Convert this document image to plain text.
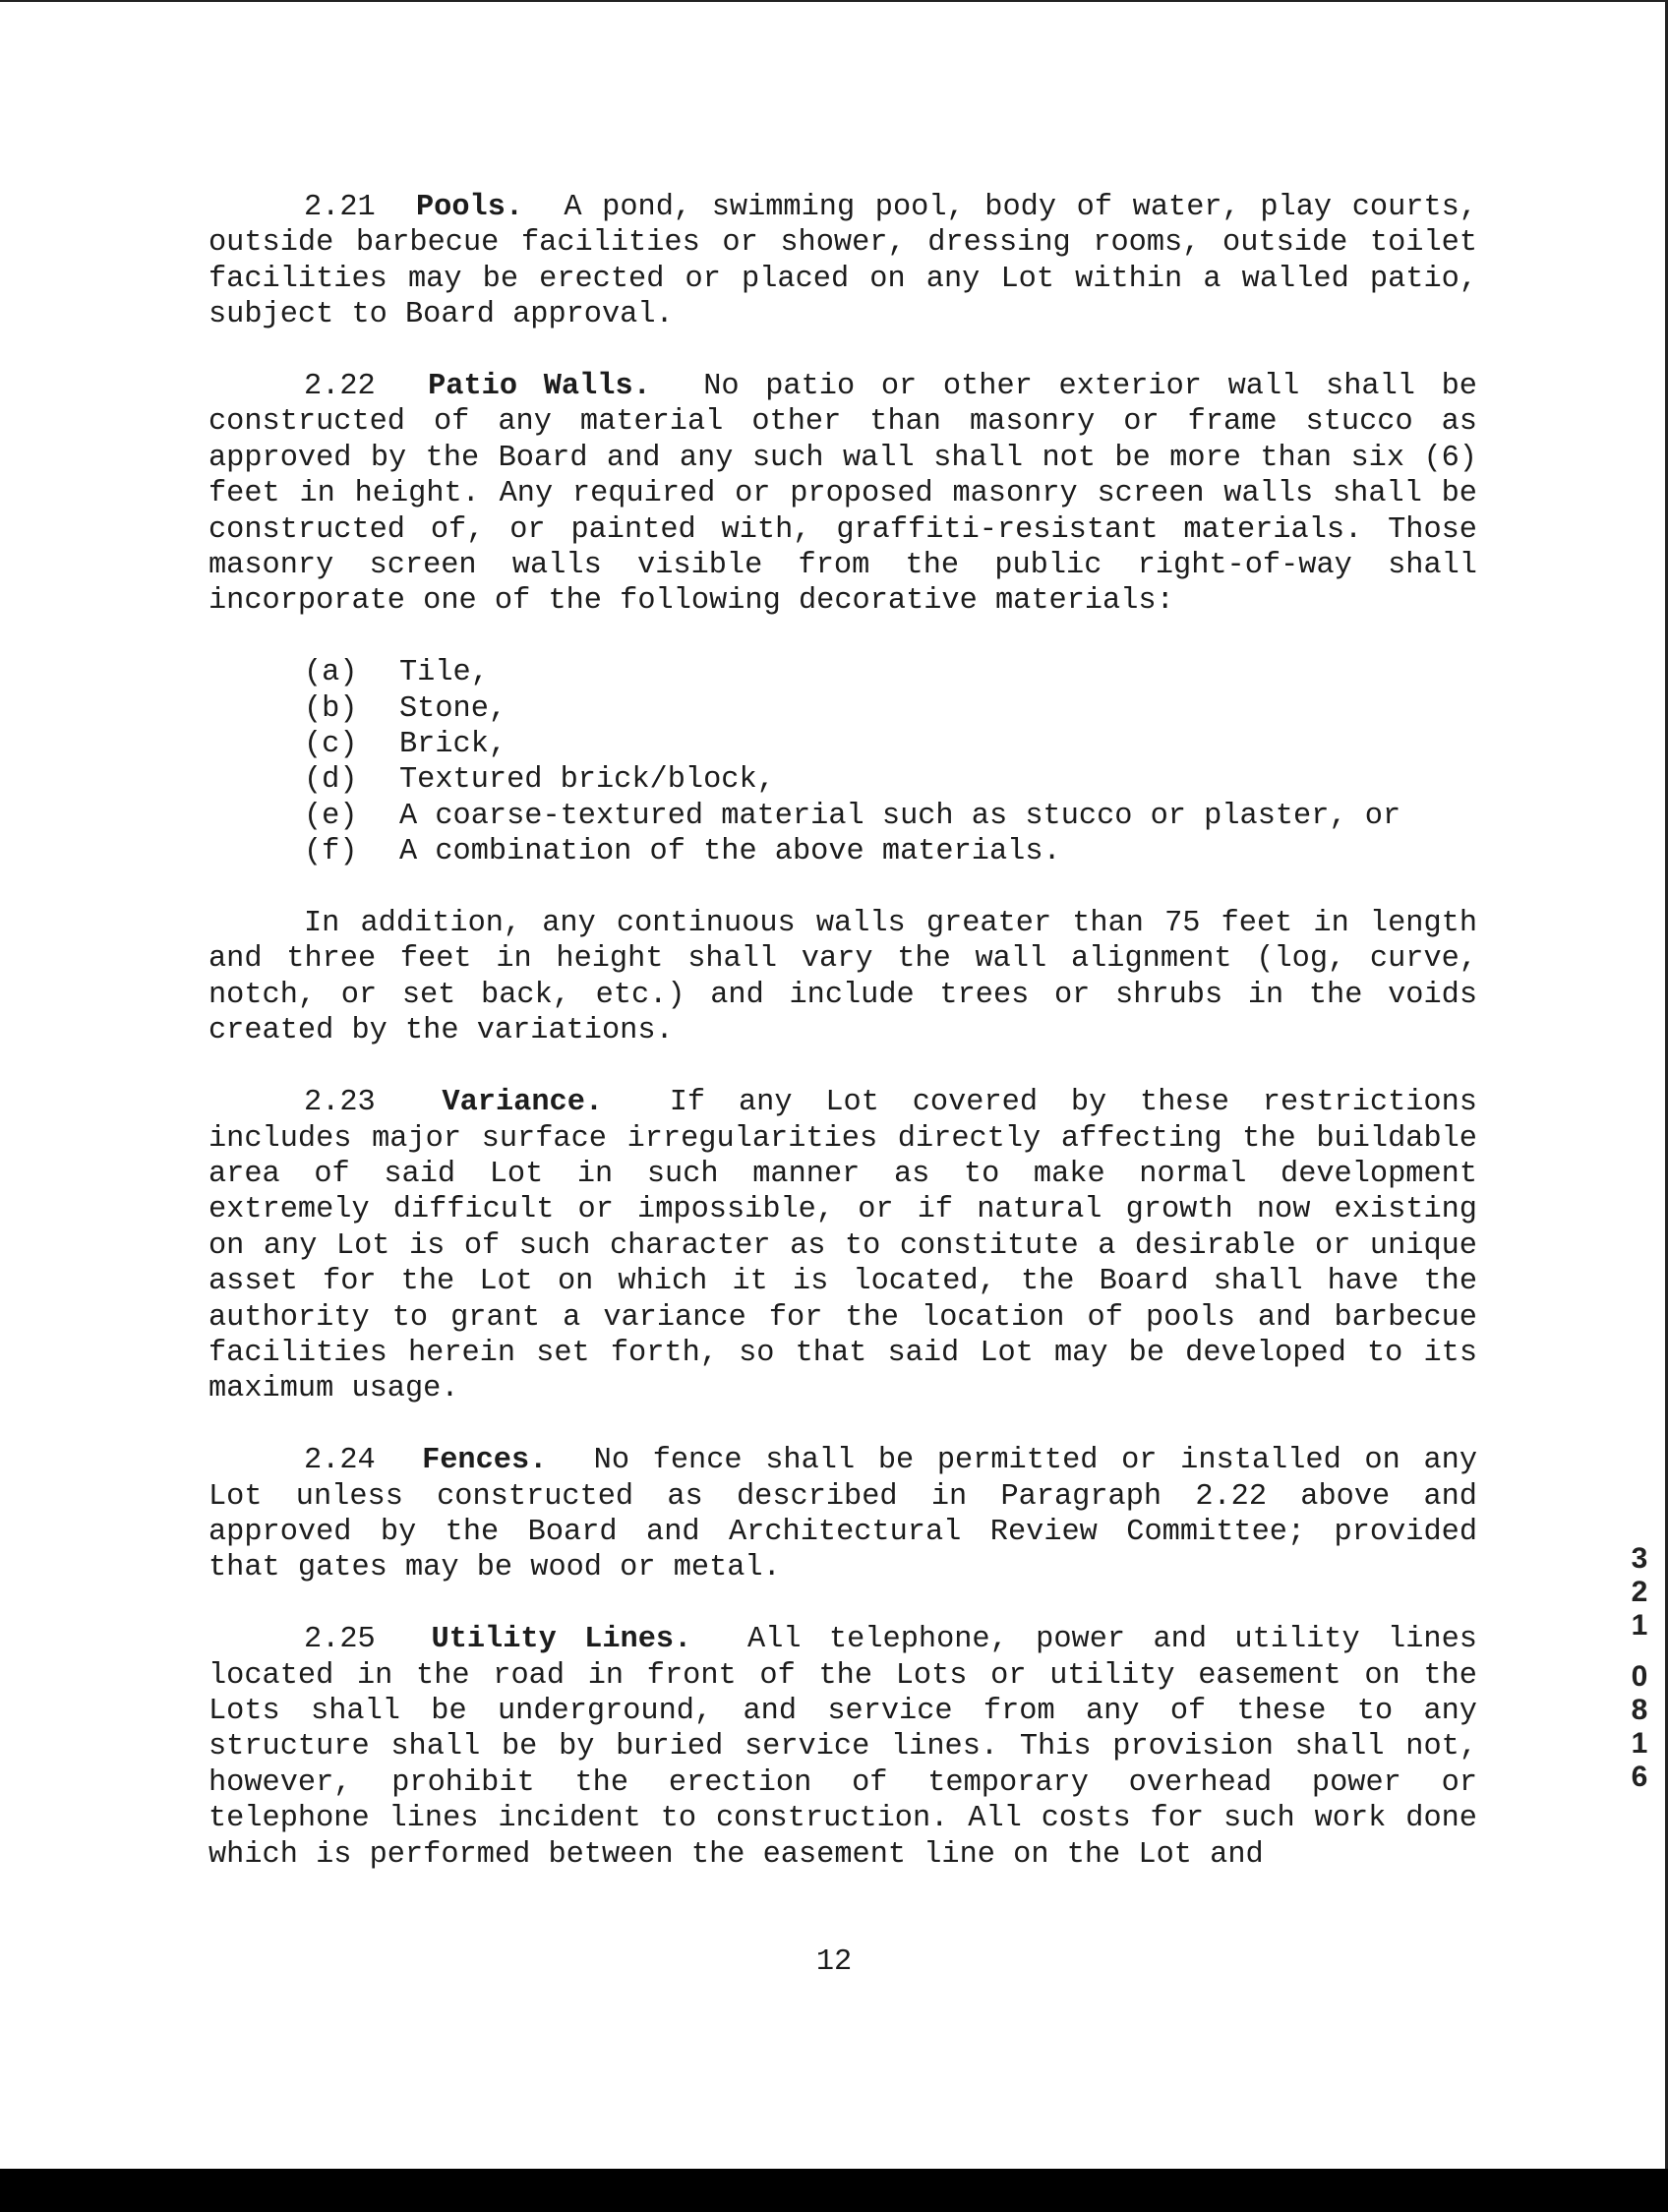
2.21 Pools. A pond, swimming pool, body of water, play courts, outside barbecue facilities or shower, dressing rooms, outside toilet facilities may be erected or placed on any Lot within a walled patio, subject to Board approval.

2.22 Patio Walls. No patio or other exterior wall shall be constructed of any material other than masonry or frame stucco as approved by the Board and any such wall shall not be more than six (6) feet in height. Any required or proposed masonry screen walls shall be constructed of, or painted with, graffiti-resistant materials. Those masonry screen walls visible from the public right-of-way shall incorporate one of the following decorative materials:

(a)	Tile,
(b)	Stone,
(c)	Brick,
(d)	Textured brick/block,
(e)	A coarse-textured material such as stucco or plaster, or
(f)	A combination of the above materials.

In addition, any continuous walls greater than 75 feet in length and three feet in height shall vary the wall alignment (log, curve, notch, or set back, etc.) and include trees or shrubs in the voids created by the variations.

2.23 Variance. If any Lot covered by these restrictions includes major surface irregularities directly affecting the buildable area of said Lot in such manner as to make normal development extremely difficult or impossible, or if natural growth now existing on any Lot is of such character as to constitute a desirable or unique asset for the Lot on which it is located, the Board shall have the authority to grant a variance for the location of pools and barbecue facilities herein set forth, so that said Lot may be developed to its maximum usage.

2.24 Fences. No fence shall be permitted or installed on any Lot unless constructed as described in Paragraph 2.22 above and approved by the Board and Architectural Review Committee; provided that gates may be wood or metal.

2.25 Utility Lines. All telephone, power and utility lines located in the road in front of the Lots or utility easement on the Lots shall be underground, and service from any of these to any structure shall be by buried service lines. This provision shall not, however, prohibit the erection of temporary overhead power or telephone lines incident to construction. All costs for such work done which is performed between the easement line on the Lot and

12
3
2
1
0
8
1
6
